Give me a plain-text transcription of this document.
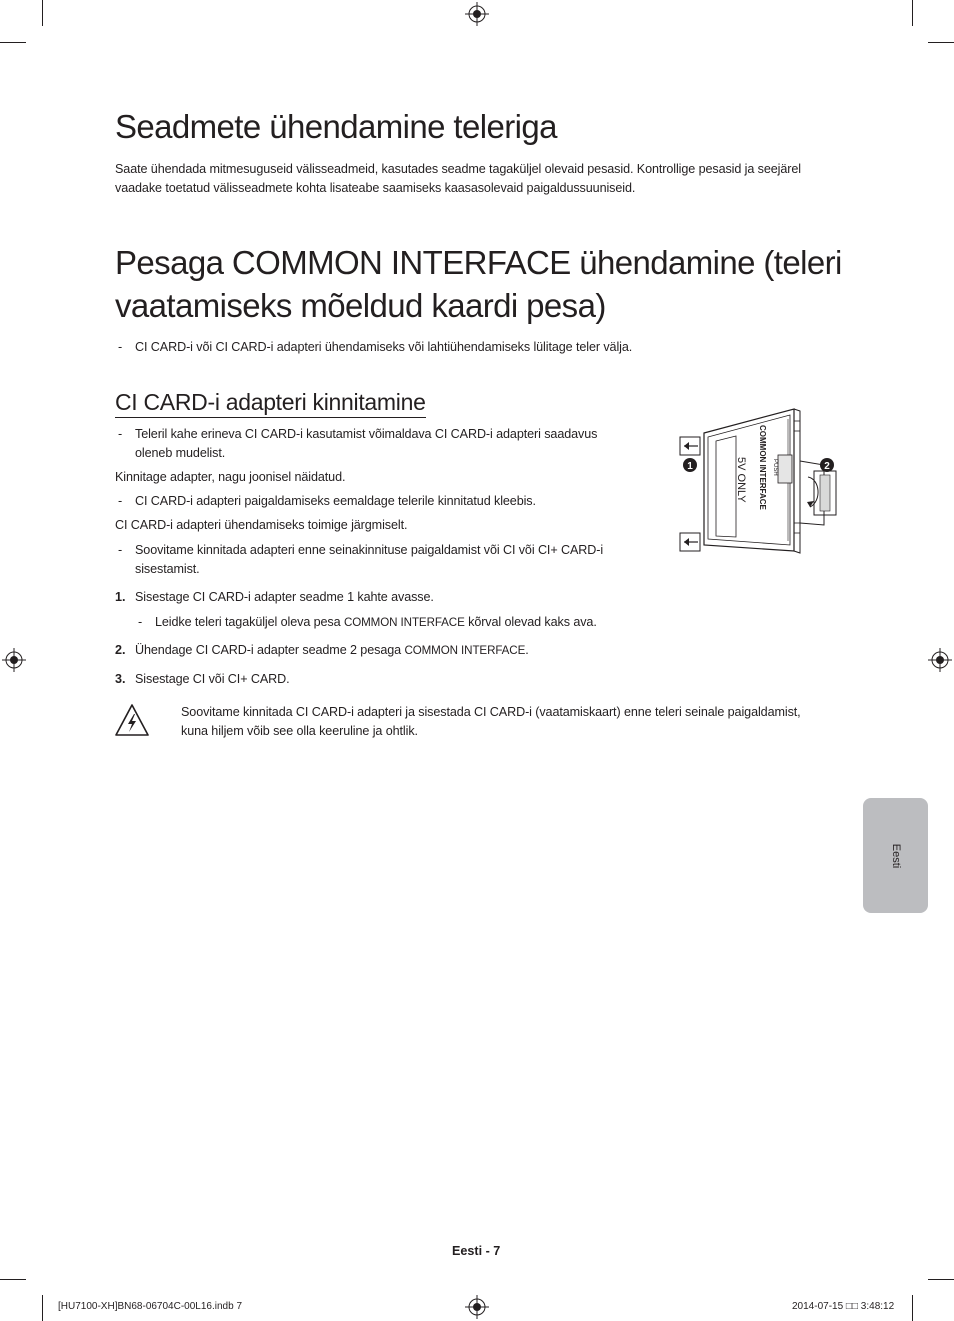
Seadmete ühendamine teleriga
Saate ühendada mitmesuguseid välisseadmeid, kasutades seadme tagaküljel olevaid pesasid. Kontrollige pesasid ja seejärel
vaadake toetatud välisseadmete kohta lisateabe saamiseks kaasasolevaid paigaldussuuniseid.
Pesaga COMMON INTERFACE ühendamine (teleri
vaatamiseks mõeldud kaardi pesa)
- CI CARD-i või CI CARD-i adapteri ühendamiseks või lahtiühendamiseks lülitage teler välja.
CI CARD-i adapteri kinnitamine
- Teleril kahe erineva CI CARD-i kasutamist võimaldava CI CARD-i adapteri saadavus
oleneb mudelist.
Kinnitage adapter, nagu joonisel näidatud.
- CI CARD-i adapteri paigaldamiseks eemaldage telerile kinnitatud kleebis.
CI CARD-i adapteri ühendamiseks toimige järgmiselt.
- Soovitame kinnitada adapteri enne seinakinnituse paigaldamist või CI või CI+ CARD-i
sisestamist.
1. Sisestage CI CARD-i adapter seadme 1 kahte avasse.
- Leidke teleri tagaküljel oleva pesa COMMON INTERFACE kõrval olevad kaks ava.
2. Ühendage CI CARD-i adapter seadme 2 pesaga COMMON INTERFACE.
3. Sisestage CI või CI+ CARD.
Soovitame kinnitada CI CARD-i adapteri ja sisestada CI CARD-i (vaatamiskaart) enne teleri seinale paigaldamist,
kuna hiljem võib see olla keeruline ja ohtlik.
1	2
COMMON INTERFACE
5V ONLY	PUSH
Eesti
Eesti - 7
[HU7100-XH]BN68-06704C-00L16.indb 7	2014-07-15 □□ 3:48:12
